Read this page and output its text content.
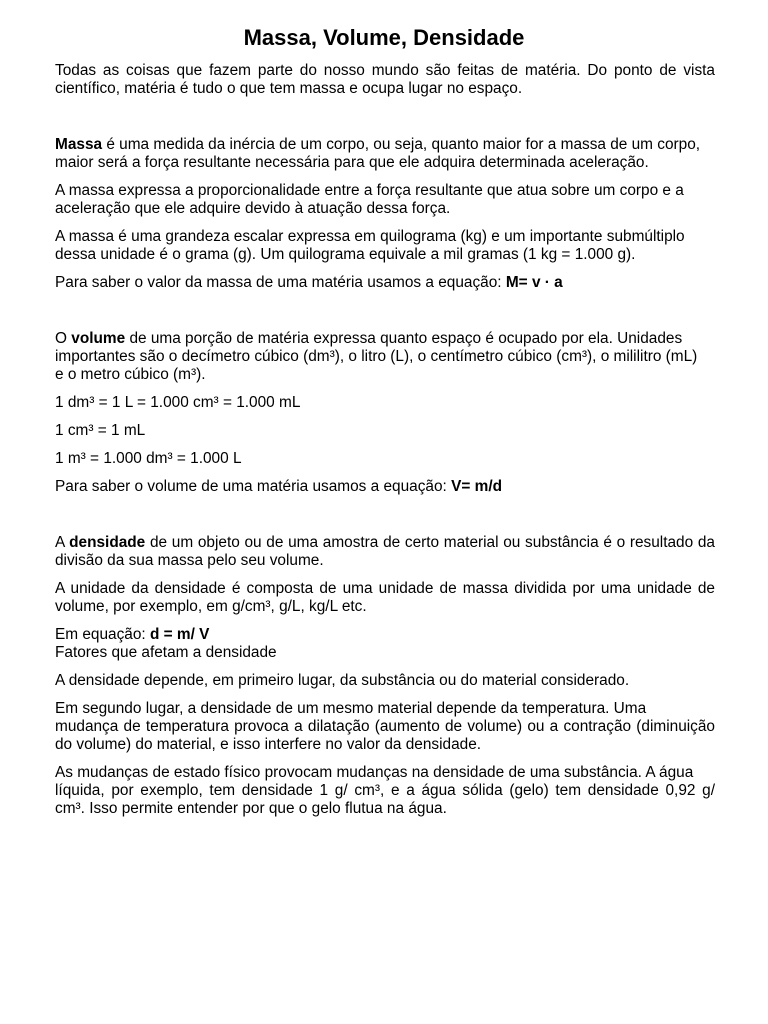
Massa, Volume, Densidade

Todas as coisas que fazem parte do nosso mundo são feitas de matéria. Do ponto de vista
científico, matéria é tudo o que tem massa e ocupa lugar no espaço.

Massa é uma medida da inércia de um corpo, ou seja, quanto maior for a massa de um corpo,
maior será a força resultante necessária para que ele adquira determinada aceleração.

A massa expressa a proporcionalidade entre a força resultante que atua sobre um corpo e a
aceleração que ele adquire devido à atuação dessa força.

A massa é uma grandeza escalar expressa em quilograma (kg) e um importante submúltiplo
dessa unidade é o grama (g). Um quilograma equivale a mil gramas (1 kg = 1.000 g).

Para saber o valor da massa de uma matéria usamos a equação: M= v · a

O volume de uma porção de matéria expressa quanto espaço é ocupado por ela. Unidades
importantes são o decímetro cúbico (dm³), o litro (L), o centímetro cúbico (cm³), o mililitro (mL)
e o metro cúbico (m³).

1 dm³ = 1 L = 1.000 cm³ = 1.000 mL

1 cm³ = 1 mL

1 m³ = 1.000 dm³ = 1.000 L

Para saber o volume de uma matéria usamos a equação: V= m/d

A densidade de um objeto ou de uma amostra de certo material ou substância é o resultado da
divisão da sua massa pelo seu volume.

A unidade da densidade é composta de uma unidade de massa dividida por uma unidade de
volume, por exemplo, em g/cm³, g/L, kg/L etc.

Em equação: d = m/ V
Fatores que afetam a densidade

A densidade depende, em primeiro lugar, da substância ou do material considerado.

Em segundo lugar, a densidade de um mesmo material depende da temperatura. Uma
mudança de temperatura provoca a dilatação (aumento de volume) ou a contração (diminuição
do volume) do material, e isso interfere no valor da densidade.

As mudanças de estado físico provocam mudanças na densidade de uma substância. A água
líquida, por exemplo, tem densidade 1 g/ cm³, e a água sólida (gelo) tem densidade 0,92 g/
cm³. Isso permite entender por que o gelo flutua na água.
